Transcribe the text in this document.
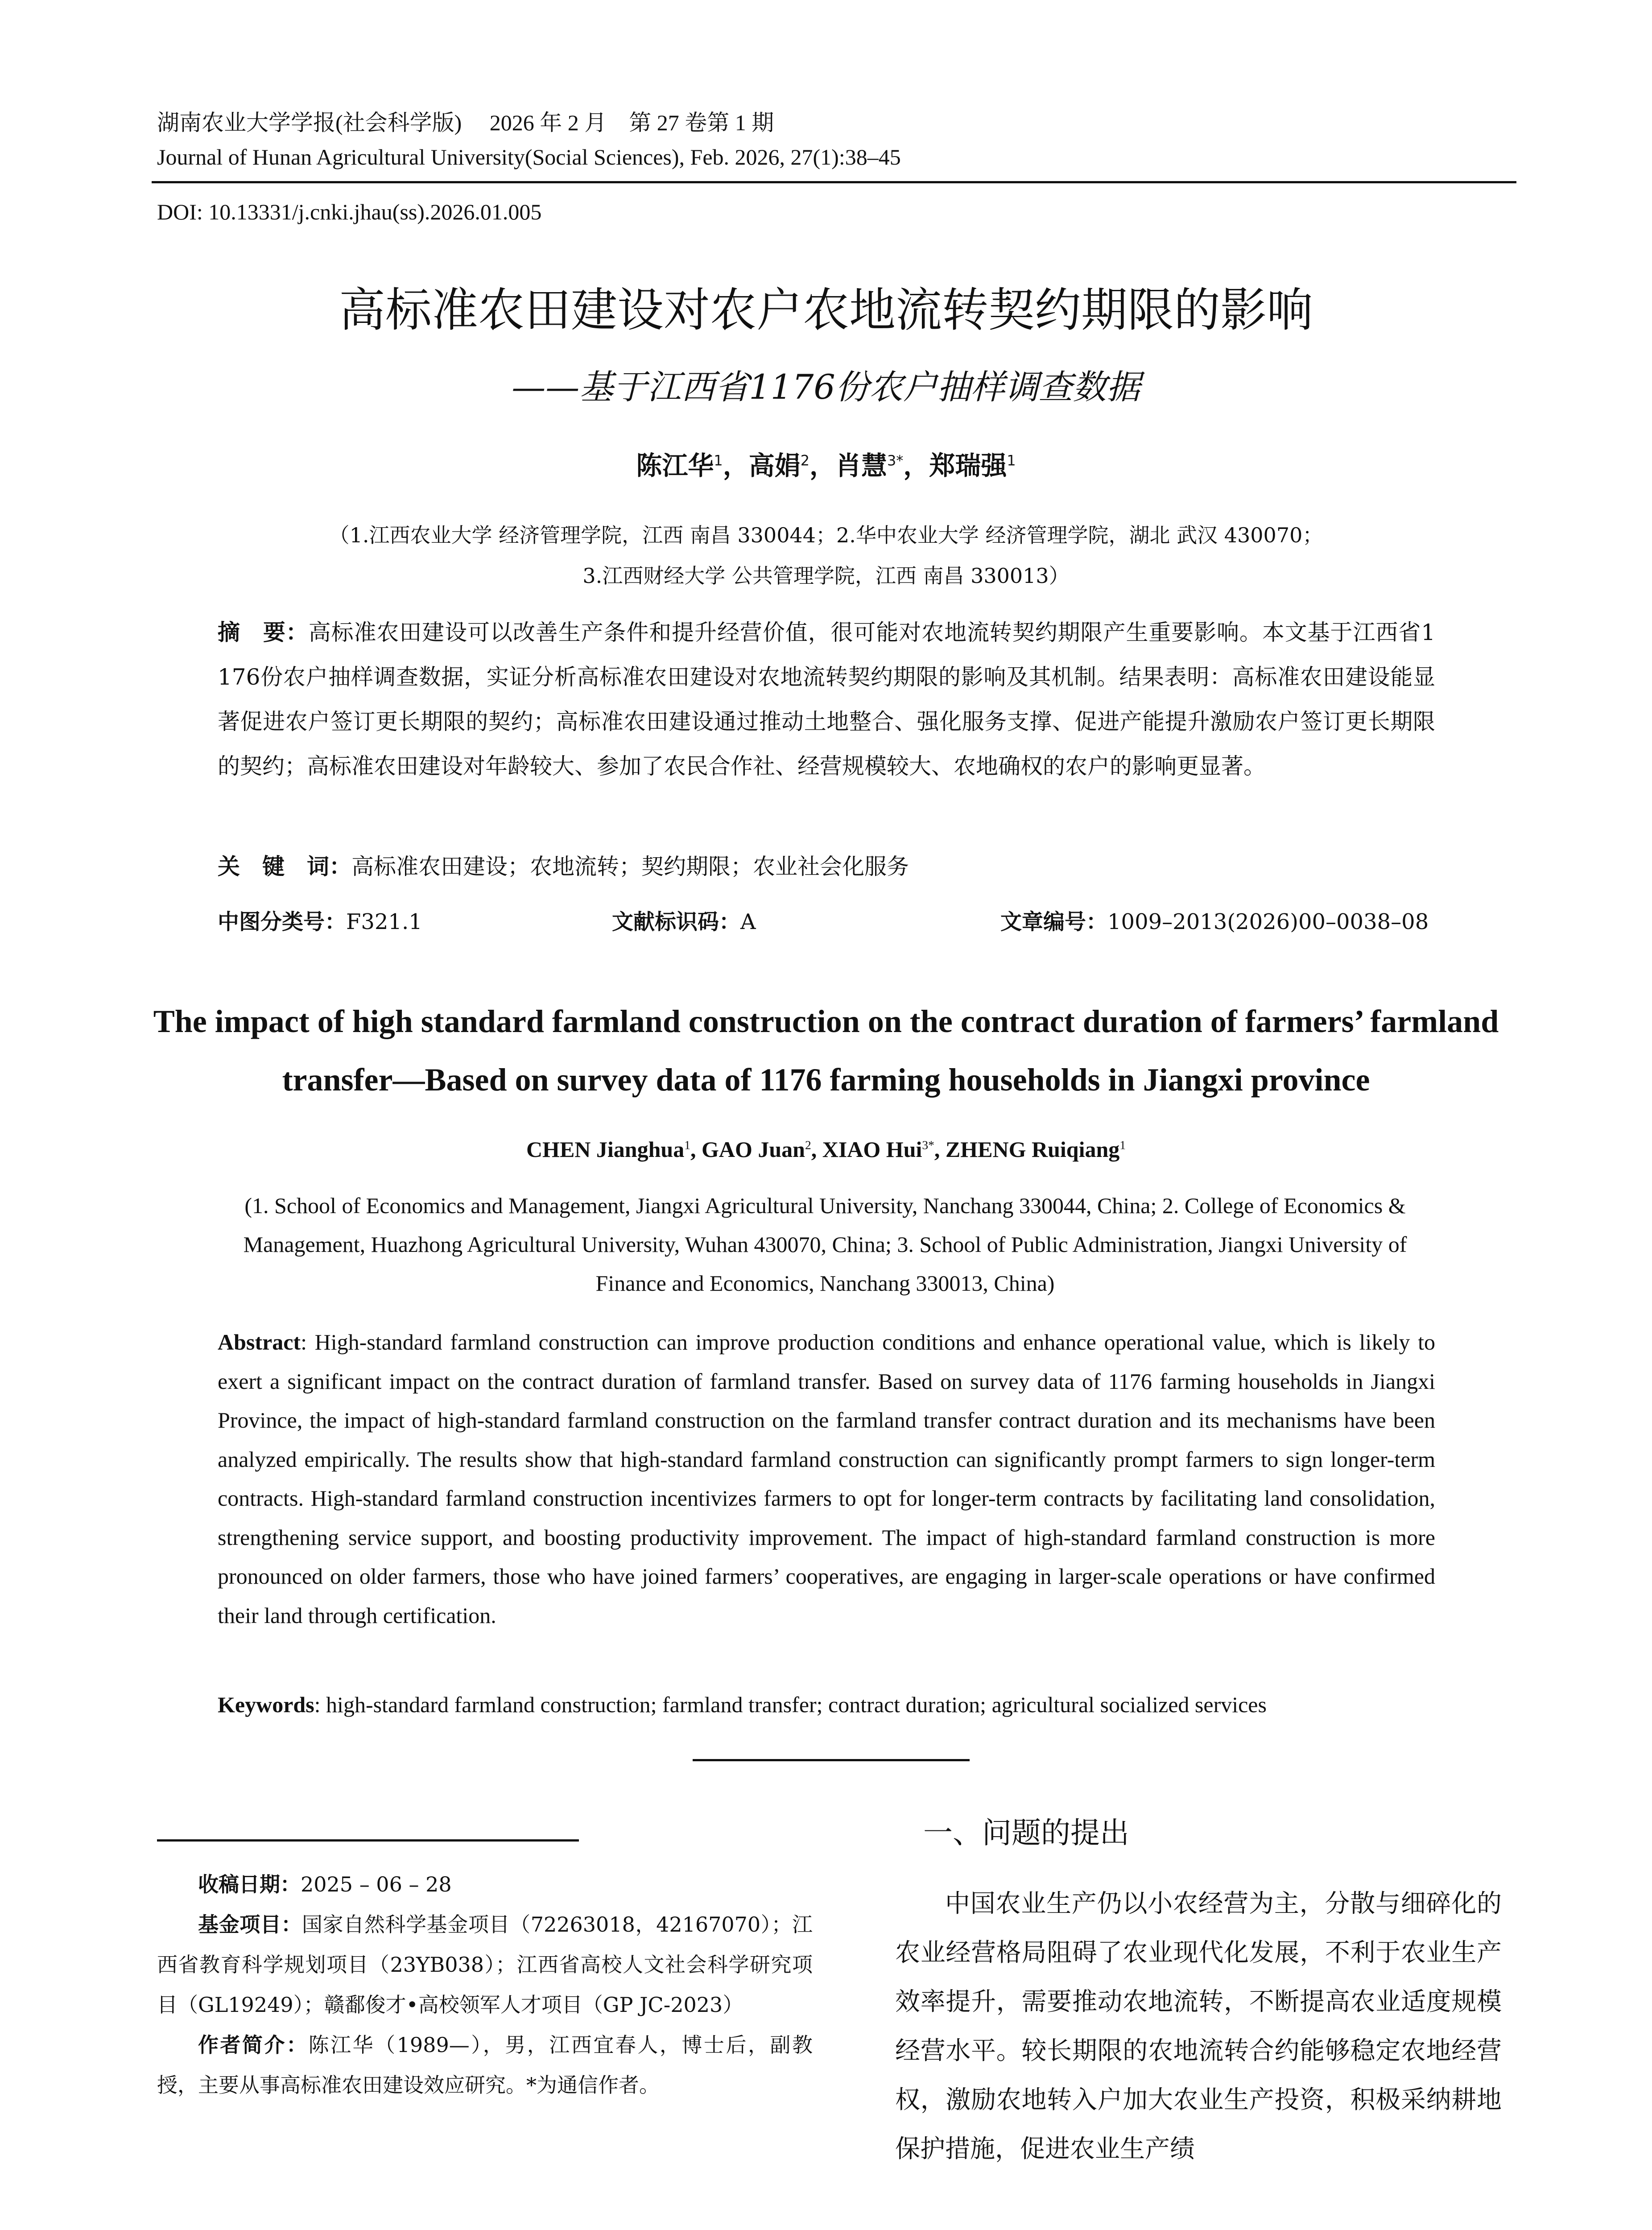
湖南农业大学学报(社会科学版)　 2026 年 2 月　第 27 卷第 1 期
Journal of Hunan Agricultural University(Social Sciences), Feb. 2026, 27(1):38–45
DOI: 10.13331/j.cnki.jhau(ss).2026.01.005
高标准农田建设对农户农地流转契约期限的影响
——基于江西省1176份农户抽样调查数据
陈江华$^1$，高娟$^2$，肖慧$^{3*}$，郑瑞强$^1$
（1.江西农业大学 经济管理学院，江西 南昌 330044；2.华中农业大学 经济管理学院，湖北 武汉 430070；
3.江西财经大学 公共管理学院，江西 南昌 330013）
摘　要：高标准农田建设可以改善生产条件和提升经营价值，很可能对农地流转契约期限产生重要影响。本文基于江西省1 176份农户抽样调查数据，实证分析高标准农田建设对农地流转契约期限的影响及其机制。结果表明：高标准农田建设能显著促进农户签订更长期限的契约；高标准农田建设通过推动土地整合、强化服务支撑、促进产能提升激励农户签订更长期限的契约；高标准农田建设对年龄较大、参加了农民合作社、经营规模较大、农地确权的农户的影响更显著。
关　键　词：高标准农田建设；农地流转；契约期限；农业社会化服务
中图分类号：F321.1	文献标识码：A	文章编号：1009–2013(2026)00–0038–08
The impact of high standard farmland construction on the contract duration of farmers’ farmland transfer—Based on survey data of 1176 farming households in Jiangxi province
CHEN Jianghua$^1$, GAO Juan$^2$, XIAO Hui$^{3*}$, ZHENG Ruiqiang$^1$
(1. School of Economics and Management, Jiangxi Agricultural University, Nanchang 330044, China; 2. College of Economics & Management, Huazhong Agricultural University, Wuhan 430070, China; 3. School of Public Administration, Jiangxi University of Finance and Economics, Nanchang 330013, China)
Abstract: High-standard farmland construction can improve production conditions and enhance operational value, which is likely to exert a significant impact on the contract duration of farmland transfer. Based on survey data of 1176 farming households in Jiangxi Province, the impact of high-standard farmland construction on the farmland transfer contract duration and its mechanisms have been analyzed empirically. The results show that high-standard farmland construction can significantly prompt farmers to sign longer-term contracts. High-standard farmland construction incentivizes farmers to opt for longer-term contracts by facilitating land consolidation, strengthening service support, and boosting productivity improvement. The impact of high-standard farmland construction is more pronounced on older farmers, those who have joined farmers’ cooperatives, are engaging in larger-scale operations or have confirmed their land through certification.
Keywords: high-standard farmland construction; farmland transfer; contract duration; agricultural socialized services

收稿日期：2025 – 06 – 28

基金项目：国家自然科学基金项目（72263018，42167070）；江西省教育科学规划项目（23YB038）；江西省高校人文社会科学研究项目（GL19249）；赣鄱俊才•高校领军人才项目（GP JC-2023）

作者简介：陈江华（1989—），男，江西宜春人，博士后，副教授，主要从事高标准农田建设效应研究。*为通信作者。

一、问题的提出

中国农业生产仍以小农经营为主，分散与细碎化的农业经营格局阻碍了农业现代化发展，不利于农业生产效率提升，需要推动农地流转，不断提高农业适度规模经营水平。较长期限的农地流转合约能够稳定农地经营权，激励农地转入户加大农业生产投资，积极采纳耕地保护措施，促进农业生产绩
